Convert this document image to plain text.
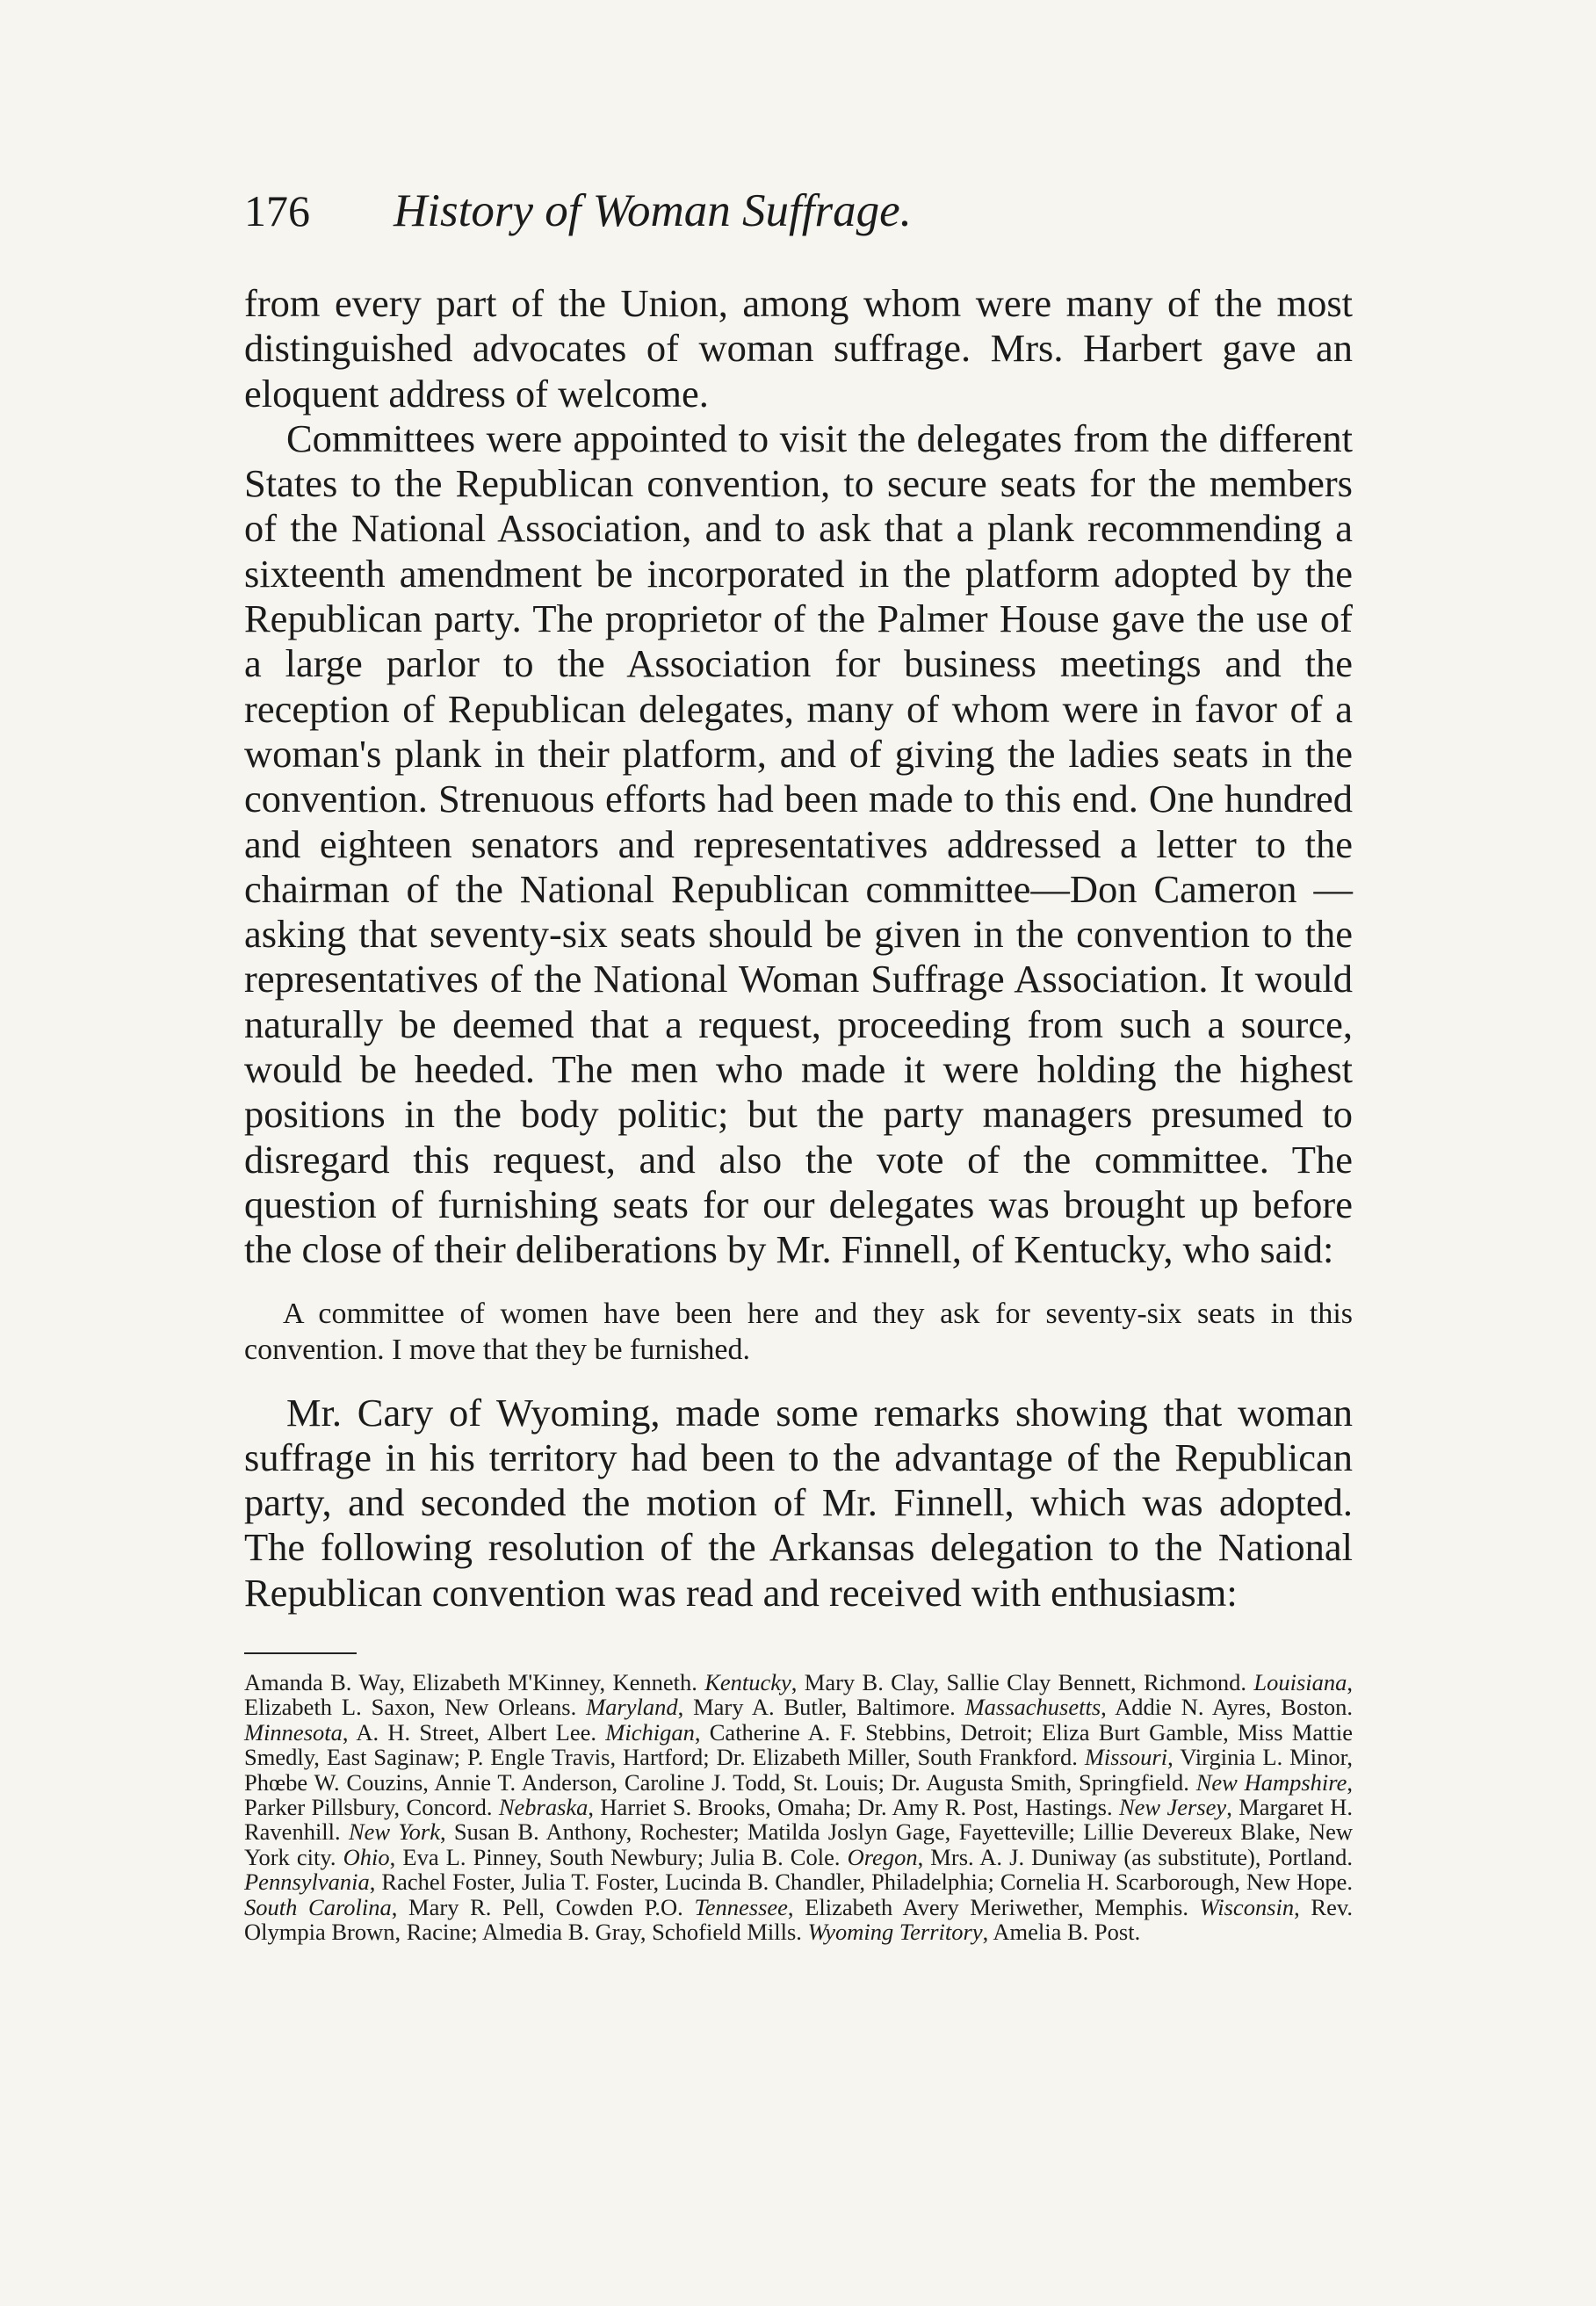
176	History of Woman Suffrage.

from every part of the Union, among whom were many of the most distinguished advocates of woman suffrage. Mrs. Harbert gave an eloquent address of welcome.

Committees were appointed to visit the delegates from the different States to the Republican convention, to secure seats for the members of the National Association, and to ask that a plank recommending a sixteenth amendment be incorporated in the platform adopted by the Republican party. The proprietor of the Palmer House gave the use of a large parlor to the Association for business meetings and the reception of Republican delegates, many of whom were in favor of a woman's plank in their platform, and of giving the ladies seats in the convention. Strenuous efforts had been made to this end. One hundred and eighteen senators and representatives addressed a letter to the chairman of the National Republican committee—Don Cameron —asking that seventy-six seats should be given in the convention to the representatives of the National Woman Suffrage Association. It would naturally be deemed that a request, proceeding from such a source, would be heeded. The men who made it were holding the highest positions in the body politic; but the party managers presumed to disregard this request, and also the vote of the committee. The question of furnishing seats for our delegates was brought up before the close of their deliberations by Mr. Finnell, of Kentucky, who said:

A committee of women have been here and they ask for seventy-six seats in this convention. I move that they be furnished.

Mr. Cary of Wyoming, made some remarks showing that woman suffrage in his territory had been to the advantage of the Republican party, and seconded the motion of Mr. Finnell, which was adopted. The following resolution of the Arkansas delegation to the National Republican convention was read and received with enthusiasm:

Amanda B. Way, Elizabeth M'Kinney, Kenneth. Kentucky, Mary B. Clay, Sallie Clay Bennett, Richmond. Louisiana, Elizabeth L. Saxon, New Orleans. Maryland, Mary A. Butler, Baltimore. Massachusetts, Addie N. Ayres, Boston. Minnesota, A. H. Street, Albert Lee. Michigan, Catherine A. F. Stebbins, Detroit; Eliza Burt Gamble, Miss Mattie Smedly, East Saginaw; P. Engle Travis, Hartford; Dr. Elizabeth Miller, South Frankford. Missouri, Virginia L. Minor, Phœbe W. Couzins, Annie T. Anderson, Caroline J. Todd, St. Louis; Dr. Augusta Smith, Springfield. New Hampshire, Parker Pillsbury, Concord. Nebraska, Harriet S. Brooks, Omaha; Dr. Amy R. Post, Hastings. New Jersey, Margaret H. Ravenhill. New York, Susan B. Anthony, Rochester; Matilda Joslyn Gage, Fayetteville; Lillie Devereux Blake, New York city. Ohio, Eva L. Pinney, South Newbury; Julia B. Cole. Oregon, Mrs. A. J. Duniway (as substitute), Portland. Pennsylvania, Rachel Foster, Julia T. Foster, Lucinda B. Chandler, Philadelphia; Cornelia H. Scarborough, New Hope. South Carolina, Mary R. Pell, Cowden P.O. Tennessee, Elizabeth Avery Meriwether, Memphis. Wisconsin, Rev. Olympia Brown, Racine; Almedia B. Gray, Schofield Mills. Wyoming Territory, Amelia B. Post.
